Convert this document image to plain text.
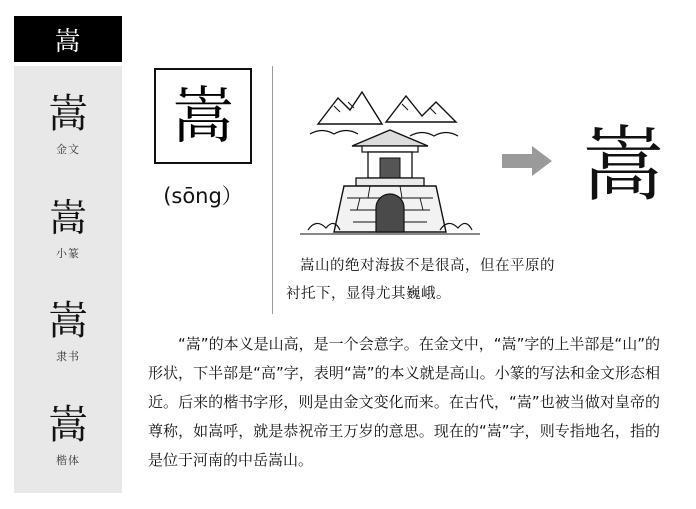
嵩
嵩
金文
嵩
小篆
嵩
隶书
嵩
楷体
嵩
(sōng）	嵩
嵩山的绝对海拔不是很高，但在平原的
衬托下，显得尤其巍峨。
“嵩”的本义是山高，是一个会意字。在金文中，“嵩”字的上半部是“山”的形状，下半部是“高”字，表明“嵩”的本义就是高山。小篆的写法和金文形态相近。后来的楷书字形，则是由金文变化而来。在古代，“嵩”也被当做对皇帝的尊称，如嵩呼，就是恭祝帝王万岁的意思。现在的“嵩”字，则专指地名，指的是位于河南的中岳嵩山。
